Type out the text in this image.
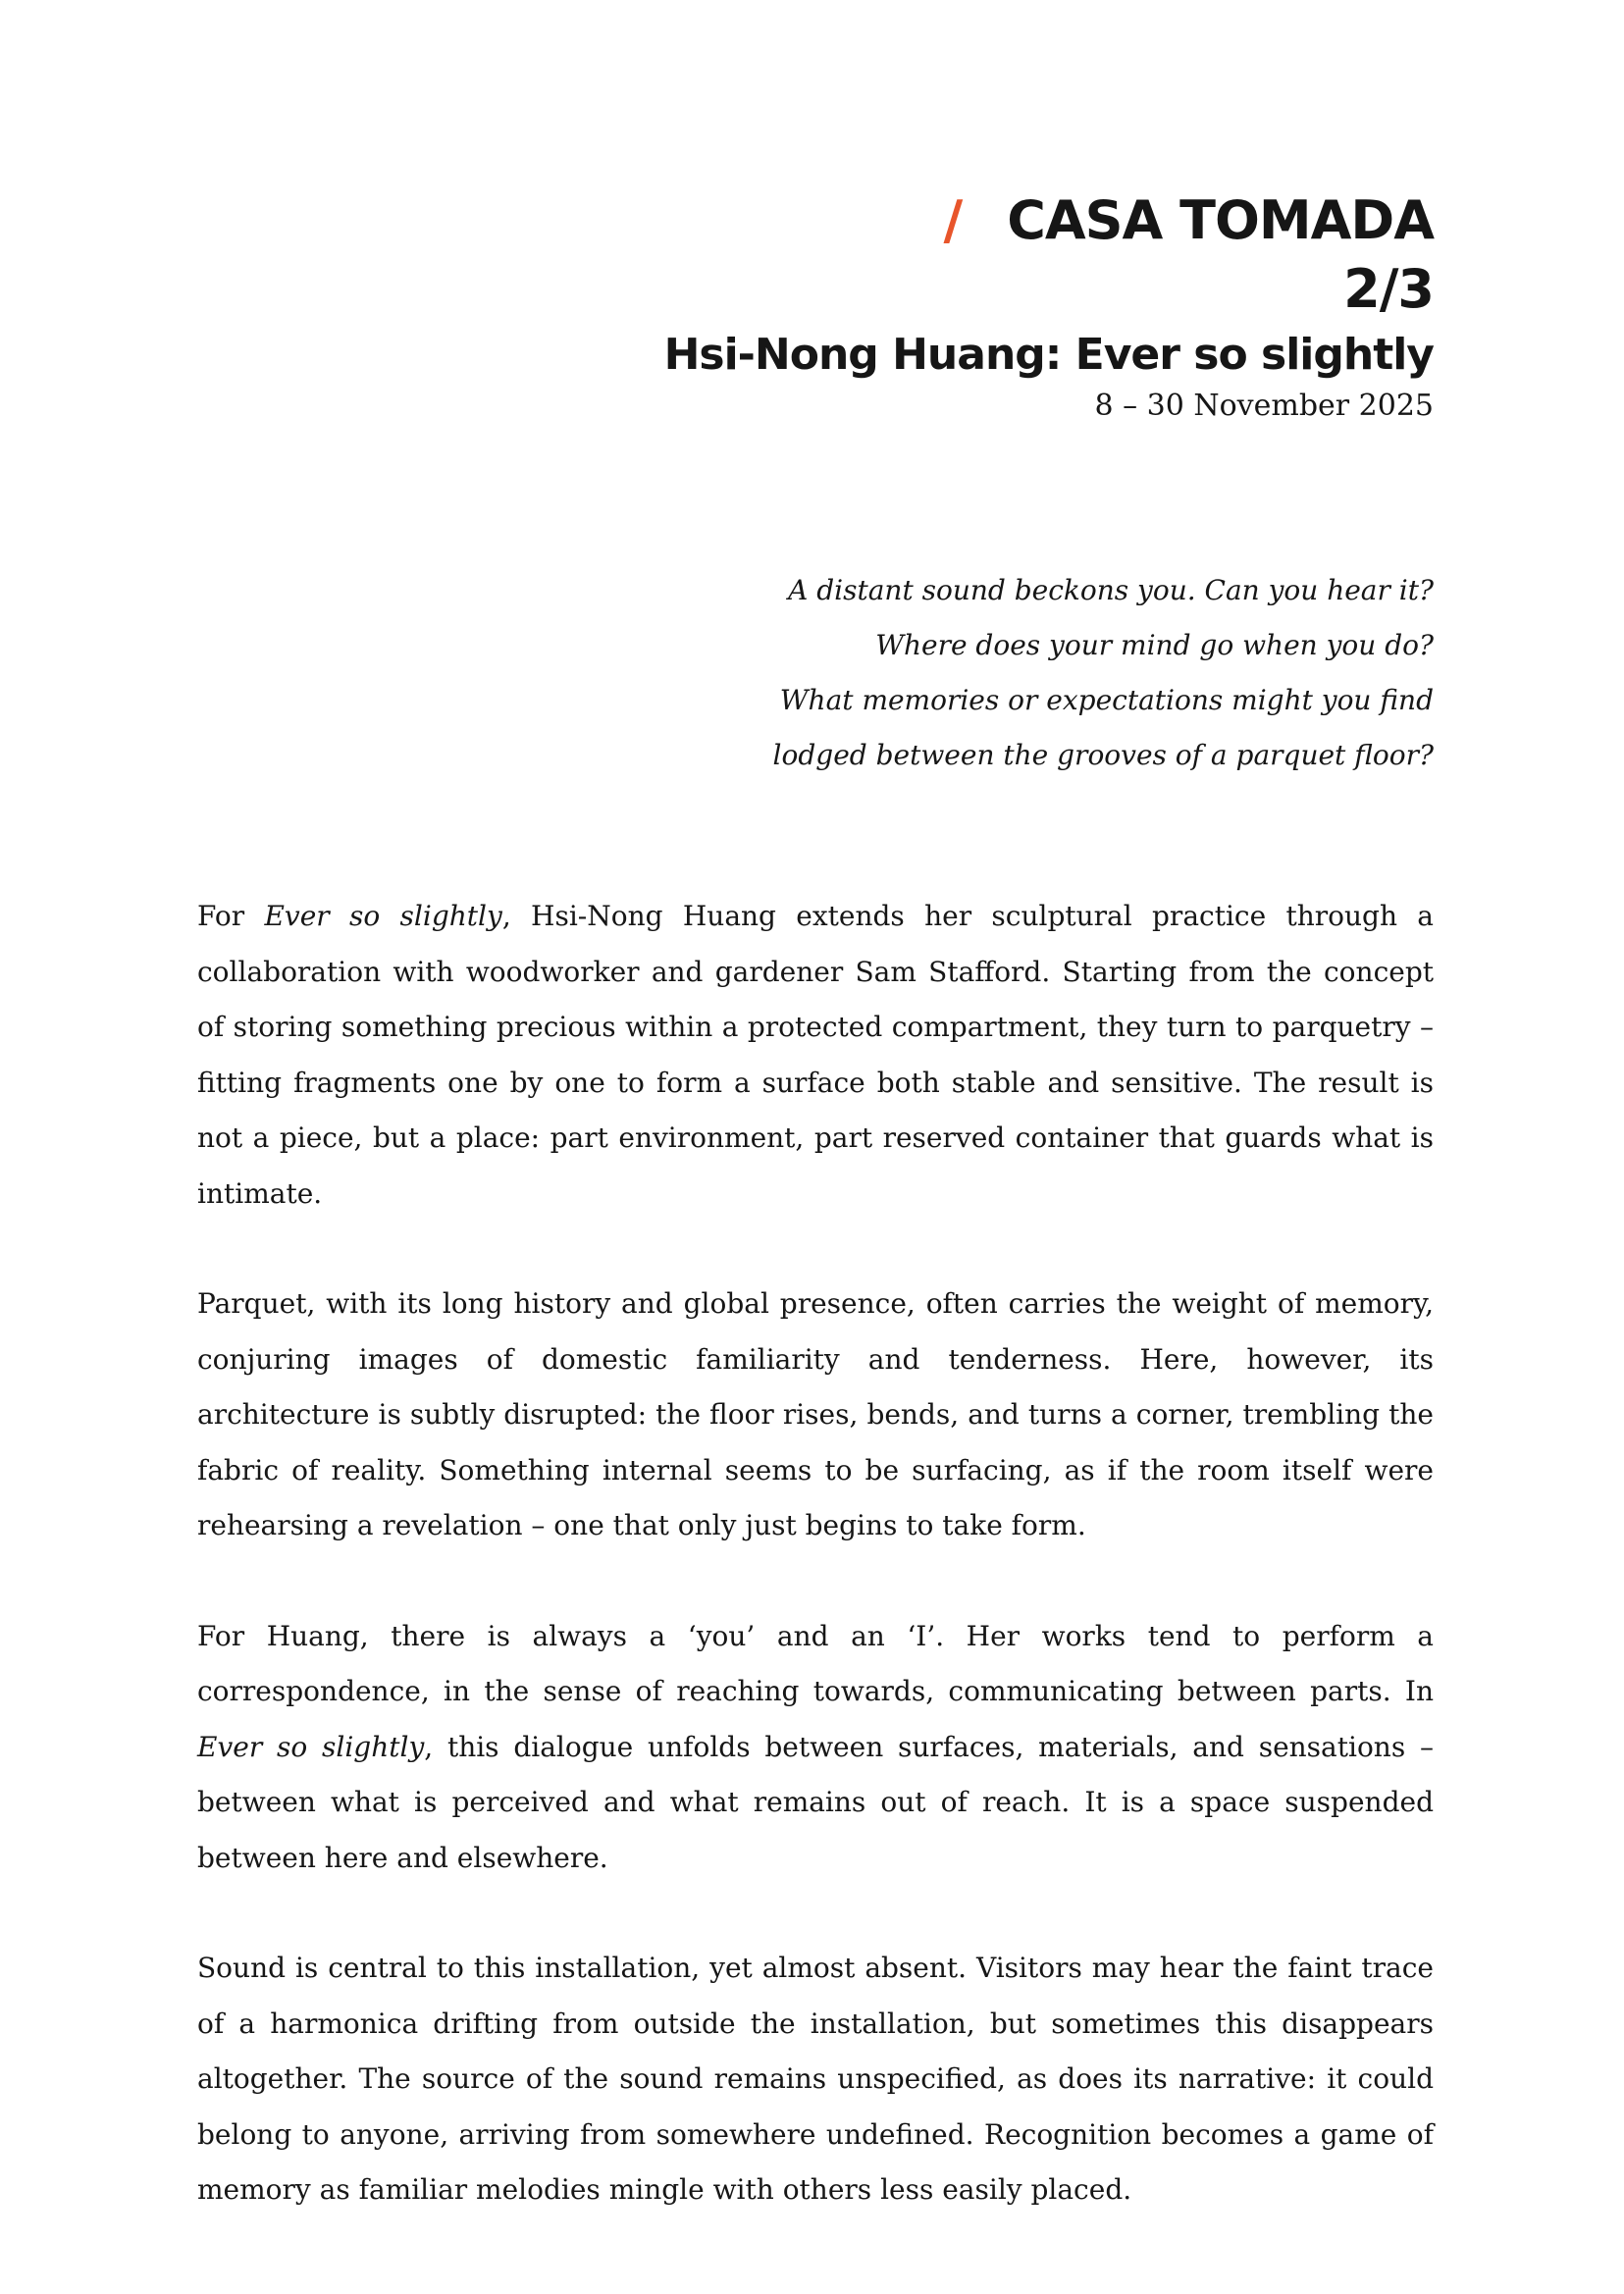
/ CASA TOMADA
2/3
Hsi-Nong Huang: Ever so slightly
8 – 30 November 2025
A distant sound beckons you. Can you hear it?
Where does your mind go when you do?
What memories or expectations might you find
lodged between the grooves of a parquet floor?

For Ever so slightly, Hsi-Nong Huang extends her sculptural practice through a collaboration with woodworker and gardener Sam Stafford. Starting from the concept of storing something precious within a protected compartment, they turn to parquetry – fitting fragments one by one to form a surface both stable and sensitive. The result is not a piece, but a place: part environment, part reserved container that guards what is intimate.

Parquet, with its long history and global presence, often carries the weight of memory, conjuring images of domestic familiarity and tenderness. Here, however, its architecture is subtly disrupted: the floor rises, bends, and turns a corner, trembling the fabric of reality. Something internal seems to be surfacing, as if the room itself were rehearsing a revelation – one that only just begins to take form.

For Huang, there is always a ‘you’ and an ‘I’. Her works tend to perform a correspondence, in the sense of reaching towards, communicating between parts. In Ever so slightly, this dialogue unfolds between surfaces, materials, and sensations – between what is perceived and what remains out of reach. It is a space suspended between here and elsewhere.

Sound is central to this installation, yet almost absent. Visitors may hear the faint trace of a harmonica drifting from outside the installation, but sometimes this disappears altogether. The source of the sound remains unspecified, as does its narrative: it could belong to anyone, arriving from somewhere undefined. Recognition becomes a game of memory as familiar melodies mingle with others less easily placed.
